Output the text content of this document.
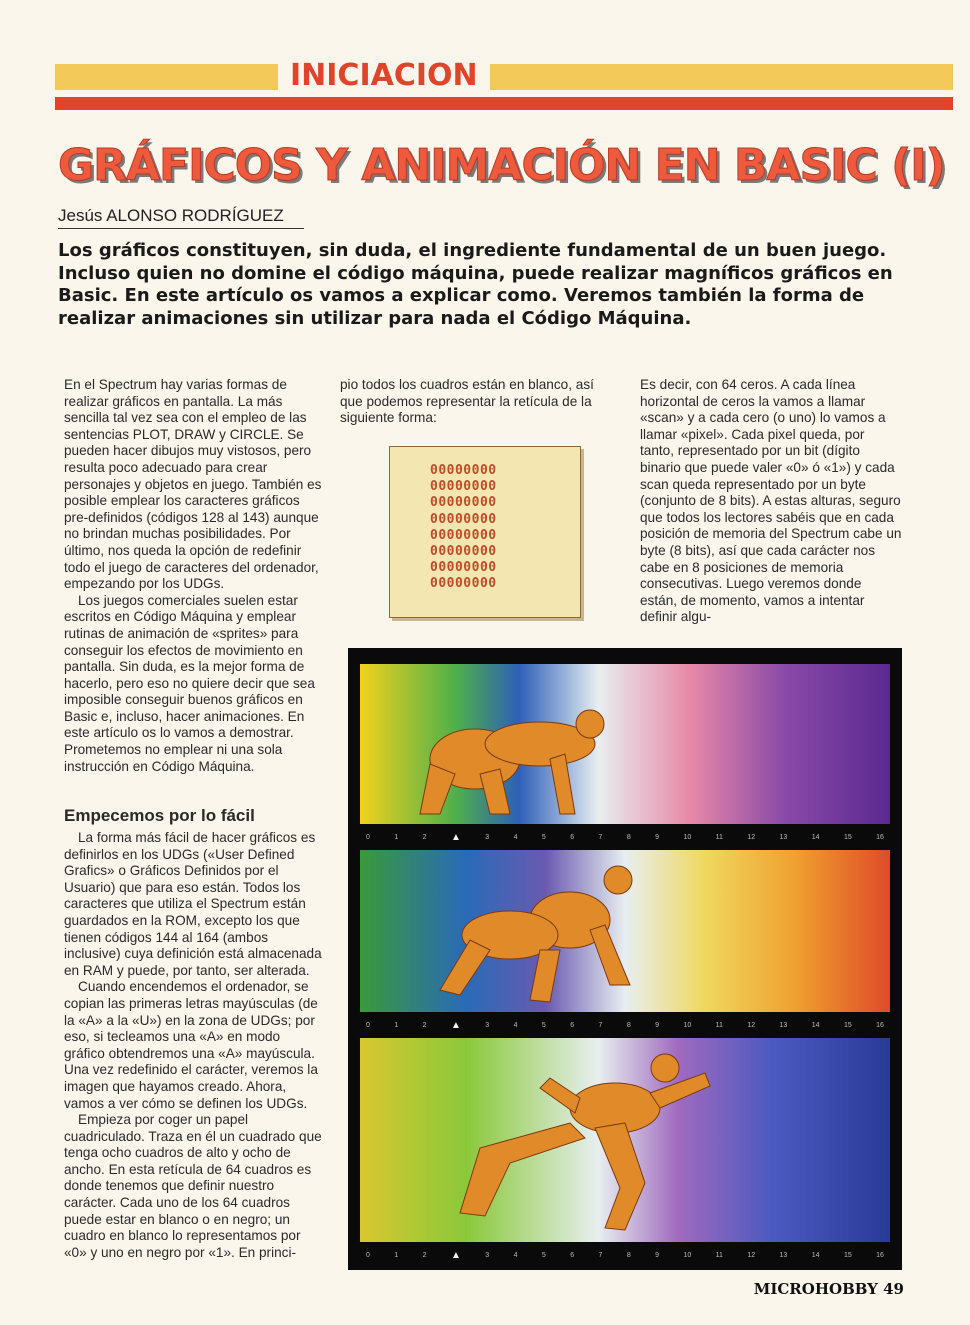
INICIACION
GRÁFICOS Y ANIMACIÓN EN BASIC (I)
Jesús ALONSO RODRÍGUEZ
Los gráficos constituyen, sin duda, el ingrediente fundamental de un buen juego. Incluso quien no domine el código máquina, puede realizar magníficos gráficos en Basic. En este artículo os vamos a explicar como. Veremos también la forma de realizar animaciones sin utilizar para nada el Código Máquina.

En el Spectrum hay varias formas de realizar gráficos en pantalla. La más sencilla tal vez sea con el empleo de las sentencias PLOT, DRAW y CIRCLE. Se pueden hacer dibujos muy vistosos, pero resulta poco adecuado para crear personajes y objetos en juego. También es posible emplear los caracteres gráficos pre-definidos (códigos 128 al 143) aunque no brindan muchas posibilidades. Por último, nos queda la opción de redefinir todo el juego de caracteres del ordenador, empezando por los UDGs.

Los juegos comerciales suelen estar escritos en Código Máquina y emplear rutinas de animación de «sprites» para conseguir los efectos de movimiento en pantalla. Sin duda, es la mejor forma de hacerlo, pero eso no quiere decir que sea imposible conseguir buenos gráficos en Basic e, incluso, hacer animaciones. En este artículo os lo vamos a demostrar. Prometemos no emplear ni una sola instrucción en Código Máquina.

Empecemos por lo fácil

La forma más fácil de hacer gráficos es definirlos en los UDGs («User Defined Grafics» o Gráficos Definidos por el Usuario) que para eso están. Todos los caracteres que utiliza el Spectrum están guardados en la ROM, excepto los que tienen códigos 144 al 164 (ambos inclusive) cuya definición está almacenada en RAM y puede, por tanto, ser alterada.

Cuando encendemos el ordenador, se copian las primeras letras mayúsculas (de la «A» a la «U») en la zona de UDGs; por eso, si tecleamos una «A» en modo gráfico obtendremos una «A» mayúscula. Una vez redefinido el carácter, veremos la imagen que hayamos creado. Ahora, vamos a ver cómo se definen los UDGs.

Empieza por coger un papel cuadriculado. Traza en él un cuadrado que tenga ocho cuadros de alto y ocho de ancho. En esta retícula de 64 cuadros es donde tenemos que definir nuestro carácter. Cada uno de los 64 cuadros puede estar en blanco o en negro; un cuadro en blanco lo representamos por «0» y uno en negro por «1». En princi-

pio todos los cuadros están en blanco, así que podemos representar la retícula de la siguiente forma:

00000000
00000000
00000000
00000000
00000000
00000000
00000000
00000000

Es decir, con 64 ceros. A cada línea horizontal de ceros la vamos a llamar «scan» y a cada cero (o uno) lo vamos a llamar «pixel». Cada pixel queda, por tanto, representado por un bit (dígito binario que puede valer «0» ó «1») y cada scan queda representado por un byte (conjunto de 8 bits). A estas alturas, seguro que todos los lectores sabéis que en cada posición de memoria del Spectrum cabe un byte (8 bits), así que cada carácter nos cabe en 8 posiciones de memoria consecutivas. Luego veremos donde están, de momento, vamos a intentar definir algu-

0	1	2 ▲	3	4	5	6	7	8	9	10	11	12	13	14	15	16
0	1	2 ▲	3	4	5	6	7	8	9	10	11	12	13	14	15	16
0	1	2 ▲	3	4	5	6	7	8	9	10	11	12	13	14	15	16
MICROHOBBY 49
